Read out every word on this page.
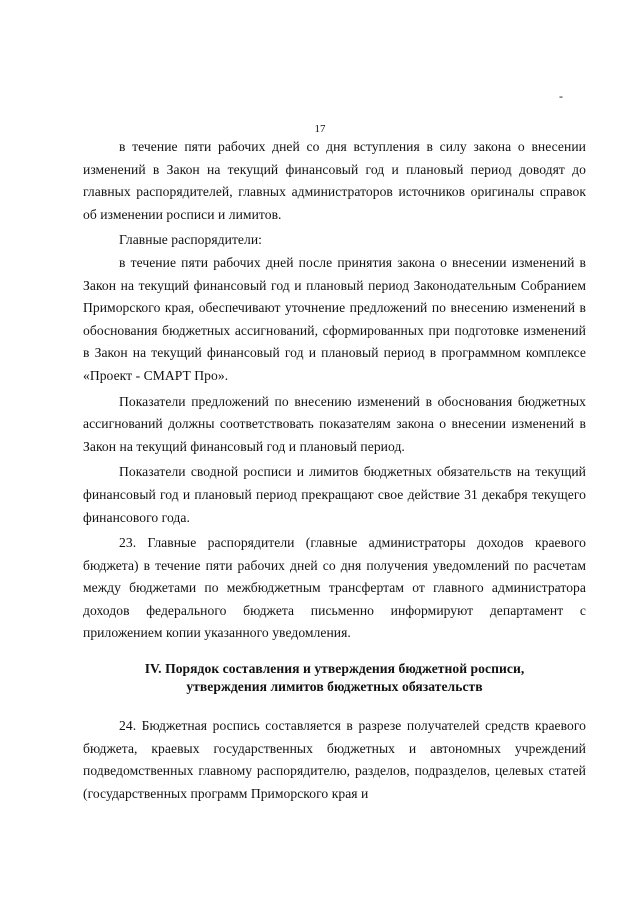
-
17

в течение пяти рабочих дней со дня вступления в силу закона о внесении изменений в Закон на текущий финансовый год и плановый период доводят до главных распорядителей, главных администраторов источников оригиналы справок об изменении росписи и лимитов.

Главные распорядители:

в течение пяти рабочих дней после принятия закона о внесении изменений в Закон на текущий финансовый год и плановый период Законодательным Собранием Приморского края, обеспечивают уточнение предложений по внесению изменений в обоснования бюджетных ассигнований, сформированных при подготовке изменений в Закон на текущий финансовый год и плановый период в программном комплексе «Проект - СМАРТ Про».

Показатели предложений по внесению изменений в обоснования бюджетных ассигнований должны соответствовать показателям закона о внесении изменений в Закон на текущий финансовый год и плановый период.

Показатели сводной росписи и лимитов бюджетных обязательств на текущий финансовый год и плановый период прекращают свое действие 31 декабря текущего финансового года.

23. Главные распорядители (главные администраторы доходов краевого бюджета) в течение пяти рабочих дней со дня получения уведомлений по расчетам между бюджетами по межбюджетным трансфертам от главного администратора доходов федерального бюджета письменно информируют департамент с приложением копии указанного уведомления.

IV. Порядок составления и утверждения бюджетной росписи,
утверждения лимитов бюджетных обязательств

24. Бюджетная роспись составляется в разрезе получателей средств краевого бюджета, краевых государственных бюджетных и автономных учреждений подведомственных главному распорядителю, разделов, подразделов, целевых статей (государственных программ Приморского края и
